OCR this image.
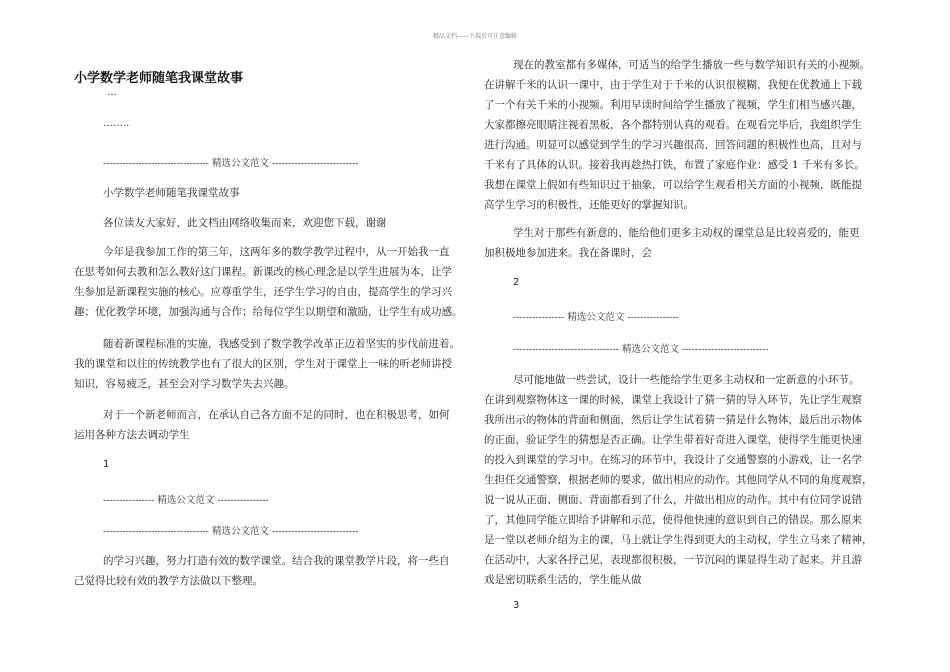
精品文档——下载后可任意编辑
小学数学老师随笔我课堂故事
…
……..
--------------------------------- 精选公文范文 ---------------------------
小学数学老师随笔我课堂故事
各位读友大家好，此文档由网络收集而来，欢迎您下载，谢谢
今年是我参加工作的第三年，这两年多的数学教学过程中，从一开始我一直
在思考如何去教和怎么教好这门课程。新课改的核心理念是以学生进展为本，让学
生参加是新课程实施的核心。应尊重学生，还学生学习的自由，提高学生的学习兴
趣；优化教学环境，加强沟通与合作；给每位学生以期望和激励，让学生有成功感。
随着新课程标准的实施，我感受到了数学教学改革正迈着坚实的步伐前进着。
我的课堂和以往的传统教学也有了很大的区别，学生对于课堂上一味的听老师讲授
知识，容易疲乏，甚至会对学习数学失去兴趣。
对于一个新老师而言，在承认自己各方面不足的同时，也在积极思考，如何
运用各种方法去调动学生
1
---------------- 精选公文范文 ----------------
--------------------------------- 精选公文范文 ---------------------------
的学习兴趣，努力打造有效的数学课堂。结合我的课堂教学片段，将一些自
己觉得比较有效的教学方法做以下整理。
现在的教室都有多媒体，可适当的给学生播放一些与数学知识有关的小视频。
在讲解千米的认识一课中，由于学生对于千米的认识很模糊，我便在优教通上下载
了一个有关千米的小视频。利用早读时间给学生播放了视频，学生们相当感兴趣，
大家都擦亮眼睛注视着黑板，各个都特别认真的观看。在观看完毕后，我组织学生
进行沟通。明显可以感觉到学生的学习兴趣很高，回答问题的积极性也高，且对与
千米有了具体的认识。接着我再趁热打铁，布置了家庭作业：感受 1 千米有多长。
我想在课堂上假如有些知识过于抽象，可以给学生观看相关方面的小视频，既能提
高学生学习的积极性，还能更好的掌握知识。
学生对于那些有新意的、能给他们更多主动权的课堂总是比较喜爱的，能更
加积极地参加进来。我在备课时，会
2
---------------- 精选公文范文 ----------------
--------------------------------- 精选公文范文 ---------------------------
尽可能地做一些尝试，设计一些能给学生更多主动权和一定新意的小环节。
在讲到观察物体这一课的时候，课堂上我设计了猜一猜的导入环节，先让学生观察
我所出示的物体的背面和侧面，然后让学生试着猜一猜是什么物体，最后出示物体
的正面，验证学生的猜想是否正确。让学生带着好奇进入课堂，使得学生能更快速
的投入到课堂的学习中。在练习的环节中，我设计了交通警察的小游戏，让一名学
生担任交通警察，根据老师的要求，做出相应的动作。其他同学从不同的角度观察，
说一说从正面、侧面、背面都看到了什么，并做出相应的动作。其中有位同学说错
了，其他同学能立即给予讲解和示范，使得他快速的意识到自己的错误。那么原来
是一堂以老师介绍为主的课，马上就让学生得到更大的主动权，学生立马来了精神，
在活动中，大家各抒己见，表现都很积极，一节沉闷的课显得生动了起来。并且游
戏是密切联系生活的，学生能从做
3
